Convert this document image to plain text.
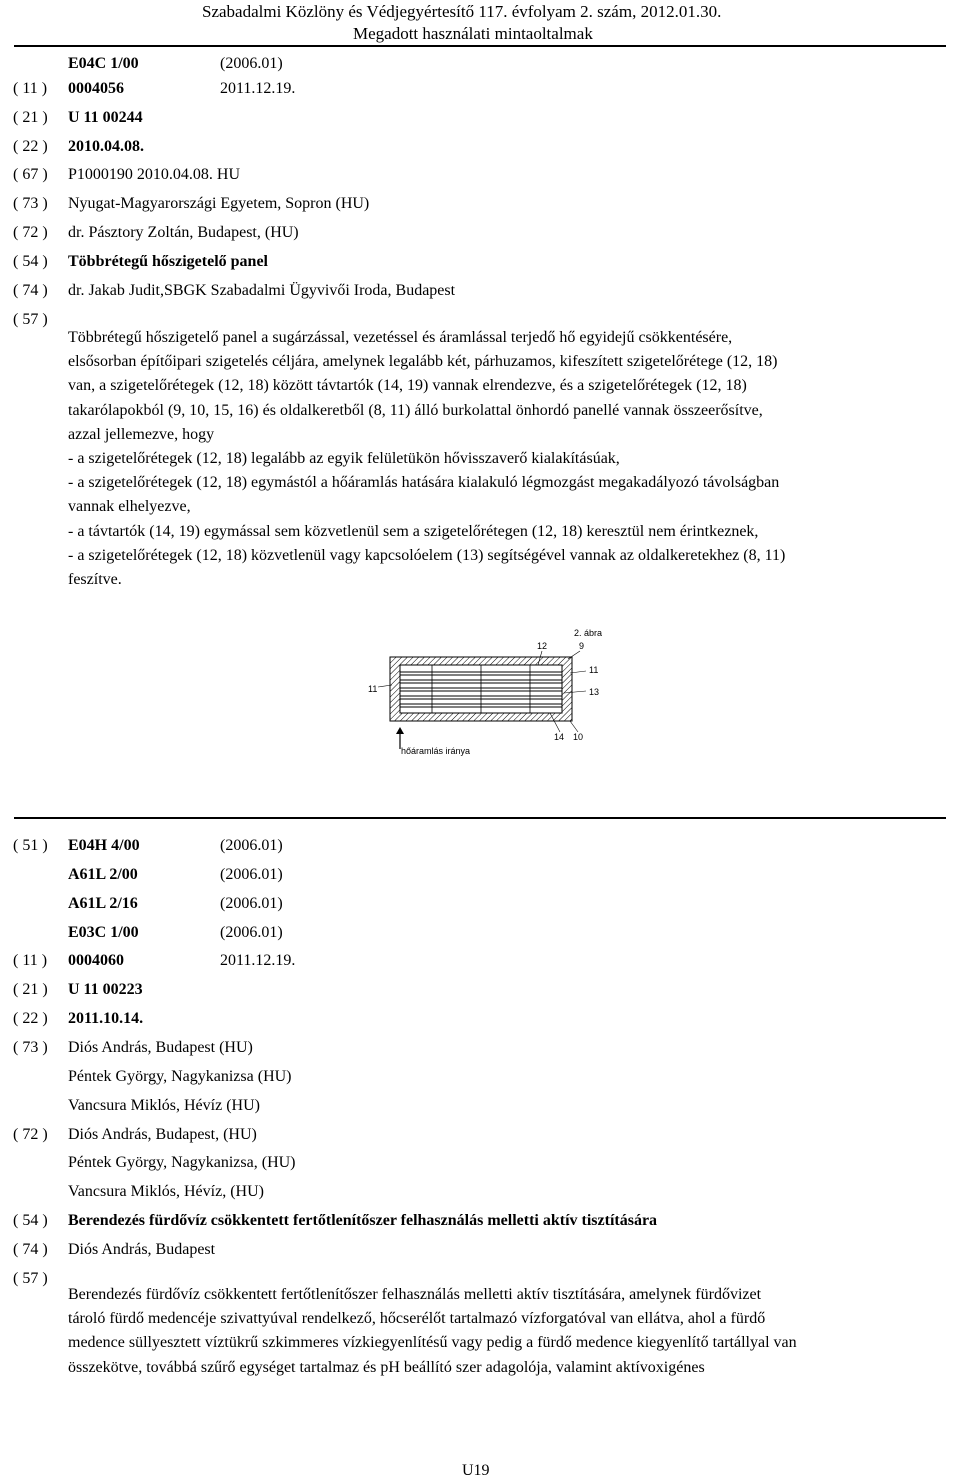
Szabadalmi Közlöny és Védjegyértesítő 117. évfolyam 2. szám, 2012.01.30.
Megadott használati mintaoltalmak
E04C 1/00	(2006.01)
( 11 ) 0004056	2011.12.19.
( 21 ) U 11 00244
( 22 ) 2010.04.08.
( 67 ) P1000190 2010.04.08. HU
( 73 ) Nyugat-Magyarországi Egyetem, Sopron (HU)
( 72 ) dr. Pásztory Zoltán, Budapest, (HU)
( 54 ) Többrétegű hőszigetelő panel
( 74 ) dr. Jakab Judit,SBGK Szabadalmi Ügyvivői Iroda, Budapest
( 57 )

Többrétegű hőszigetelő panel a sugárzással, vezetéssel és áramlással terjedő hő egyidejű csökkentésére,

elsősorban építőipari szigetelés céljára, amelynek legalább két, párhuzamos, kifeszített szigetelőrétege (12, 18)

van, a szigetelőrétegek (12, 18) között távtartók (14, 19) vannak elrendezve, és a szigetelőrétegek (12, 18)

takarólapokból (9, 10, 15, 16) és oldalkeretből (8, 11) álló burkolattal önhordó panellé vannak összeerősítve,

azzal jellemezve, hogy

- a szigetelőrétegek (12, 18) legalább az egyik felületükön hővisszaverő kialakításúak,

- a szigetelőrétegek (12, 18) egymástól a hőáramlás hatására kialakuló légmozgást megakadályozó távolságban

vannak elhelyezve,

- a távtartók (14, 19) egymással sem közvetlenül sem a szigetelőrétegen (12, 18) keresztül nem érintkeznek,

- a szigetelőrétegek (12, 18) közvetlenül vagy kapcsolóelem (13) segítségével vannak az oldalkeretekhez (8, 11)

feszítve.

2. ábra
12	9
11
11	13
14 10
hőáramlás iránya
( 51 ) E04H 4/00	(2006.01)
A61L 2/00	(2006.01)
A61L 2/16	(2006.01)
E03C 1/00	(2006.01)
( 11 ) 0004060	2011.12.19.
( 21 ) U 11 00223
( 22 ) 2011.10.14.
( 73 ) Diós András, Budapest (HU)
Péntek György, Nagykanizsa (HU)
Vancsura Miklós, Hévíz (HU)
( 72 ) Diós András, Budapest, (HU)
Péntek György, Nagykanizsa, (HU)
Vancsura Miklós, Hévíz, (HU)
( 54 ) Berendezés fürdővíz csökkentett fertőtlenítőszer felhasználás melletti aktív tisztítására
( 74 ) Diós András, Budapest
( 57 )

Berendezés fürdővíz csökkentett fertőtlenítőszer felhasználás melletti aktív tisztítására, amelynek fürdővizet

tároló fürdő medencéje szivattyúval rendelkező, hőcserélőt tartalmazó vízforgatóval van ellátva, ahol a fürdő

medence süllyesztett víztükrű szkimmeres vízkiegyenlítésű vagy pedig a fürdő medence kiegyenlítő tartállyal van

összekötve, továbbá szűrő egységet tartalmaz és pH beállító szer adagolója, valamint aktívoxigénes

U19
